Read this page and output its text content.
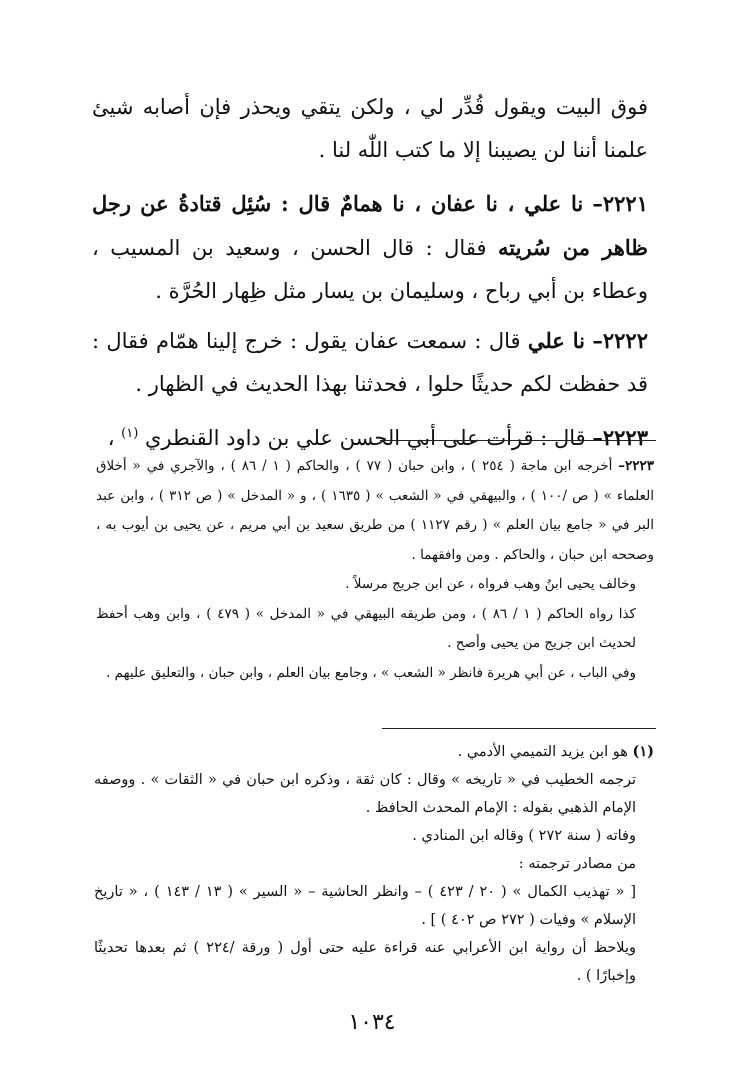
فوق البيت ويقول قُدِّر لي ، ولكن يتقي ويحذر فإن أصابه شيئ علمنا أننا لن يصيبنا إلا ما كتب اللّٰه لنا .

٢٢٢١– نا علي ، نا عفان ، نا همامٌ قال : سُئِل قتادةُ عن رجل ظاهر من سُريته فقال : قال الحسن ، وسعيد بن المسيب ، وعطاء بن أبي رباح ، وسليمان بن يسار مثل ظِهار الحُرَّة .

٢٢٢٢– نا علي قال : سمعت عفان يقول : خرج إلينا همّام فقال : قد حفظت لكم حديثًا حلوا ، فحدثنا بهذا الحديث في الظهار .

٢٢٢٣– قال : قرأت على أبي الحسن علي بن داود القنطري $^{(١)}$ ،

٢٢٢٣– أخرجه ابن ماجة ( ٢٥٤ ) ، وابن حبان ( ٧٧ ) ، والحاكم ( ١ / ٨٦ ) ، والآجري في « أخلاق العلماء » ( ص /١٠٠ ) ، والبيهقي في « الشعب » ( ١٦٣٥ ) ، و « المدخل » ( ص ٣١٢ ) ، وابن عبد البر في « جامع بيان العلم » ( رقم ١١٢٧ ) من طريق سعيد بن أبي مريم ، عن يحيى بن أيوب به ، وصححه ابن حبان ، والحاكم . ومن وافقهما .

وخالف يحيى ابنُ وهب فرواه ، عن ابن جريج مرسلاً .

كذا رواه الحاكم ( ١ / ٨٦ ) ، ومن طريقه البيهقي في « المدخل » ( ٤٧٩ ) ، وابن وهب أحفظ لحديث ابن جريج من يحيى وأصح .

وفي الباب ، عن أبي هريرة فانظر « الشعب » ، وجامع بيان العلم ، وابن حبان ، والتعليق عليهم .

(١) هو ابن يزيد التميمي الأدمي .

ترجمه الخطيب في « تاريخه » وقال : كان ثقة ، وذكره ابن حبان في « الثقات » . ووصفه الإمام الذهبي بقوله : الإمام المحدث الحافظ .

وفاته ( سنة ٢٧٢ ) وقاله ابن المنادي .

من مصادر ترجمته :

[ « تهذيب الكمال » ( ٢٠ / ٤٢٣ ) – وانظر الحاشية – « السير » ( ١٣ / ١٤٣ ) ، « تاريخ الإسلام » وفيات ( ٢٧٢ ص ٤٠٢ ) ] .

ويلاحظ أن رواية ابن الأعرابي عنه قراءة عليه حتى أول ( ورقة /٢٢٤ ) ثم بعدها تحديثًا وإخبارًا ) .

١٠٣٤
